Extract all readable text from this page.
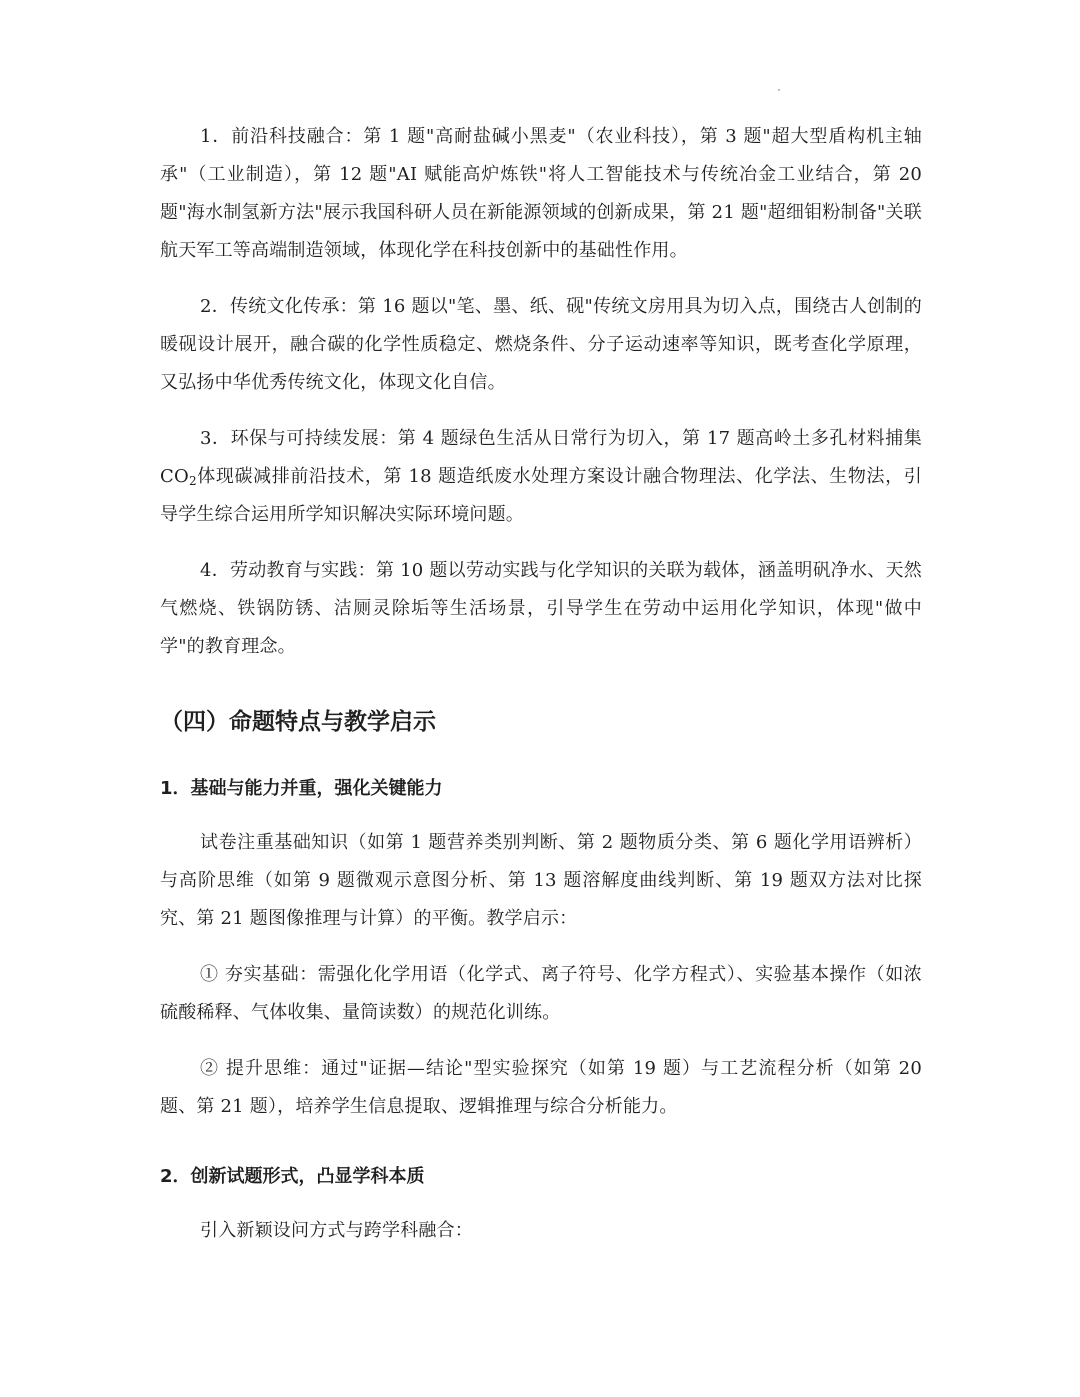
1．前沿科技融合：第 1 题"高耐盐碱小黑麦"（农业科技），第 3 题"超大型盾构机主轴承"（工业制造），第 12 题"AI 赋能高炉炼铁"将人工智能技术与传统冶金工业结合，第 20 题"海水制氢新方法"展示我国科研人员在新能源领域的创新成果，第 21 题"超细钼粉制备"关联航天军工等高端制造领域，体现化学在科技创新中的基础性作用。

2．传统文化传承：第 16 题以"笔、墨、纸、砚"传统文房用具为切入点，围绕古人创制的暖砚设计展开，融合碳的化学性质稳定、燃烧条件、分子运动速率等知识，既考查化学原理，又弘扬中华优秀传统文化，体现文化自信。

3．环保与可持续发展：第 4 题绿色生活从日常行为切入，第 17 题高岭土多孔材料捕集 $CO_2$体现碳减排前沿技术，第 18 题造纸废水处理方案设计融合物理法、化学法、生物法，引导学生综合运用所学知识解决实际环境问题。

4．劳动教育与实践：第 10 题以劳动实践与化学知识的关联为载体，涵盖明矾净水、天然气燃烧、铁锅防锈、洁厕灵除垢等生活场景，引导学生在劳动中运用化学知识，体现"做中学"的教育理念。

（四）命题特点与教学启示
1．基础与能力并重，强化关键能力

试卷注重基础知识（如第 1 题营养类别判断、第 2 题物质分类、第 6 题化学用语辨析）与高阶思维（如第 9 题微观示意图分析、第 13 题溶解度曲线判断、第 19 题双方法对比探究、第 21 题图像推理与计算）的平衡。教学启示：

① 夯实基础：需强化化学用语（化学式、离子符号、化学方程式）、实验基本操作（如浓硫酸稀释、气体收集、量筒读数）的规范化训练。

② 提升思维：通过"证据—结论"型实验探究（如第 19 题）与工艺流程分析（如第 20 题、第 21 题），培养学生信息提取、逻辑推理与综合分析能力。

2．创新试题形式，凸显学科本质

引入新颖设问方式与跨学科融合：
